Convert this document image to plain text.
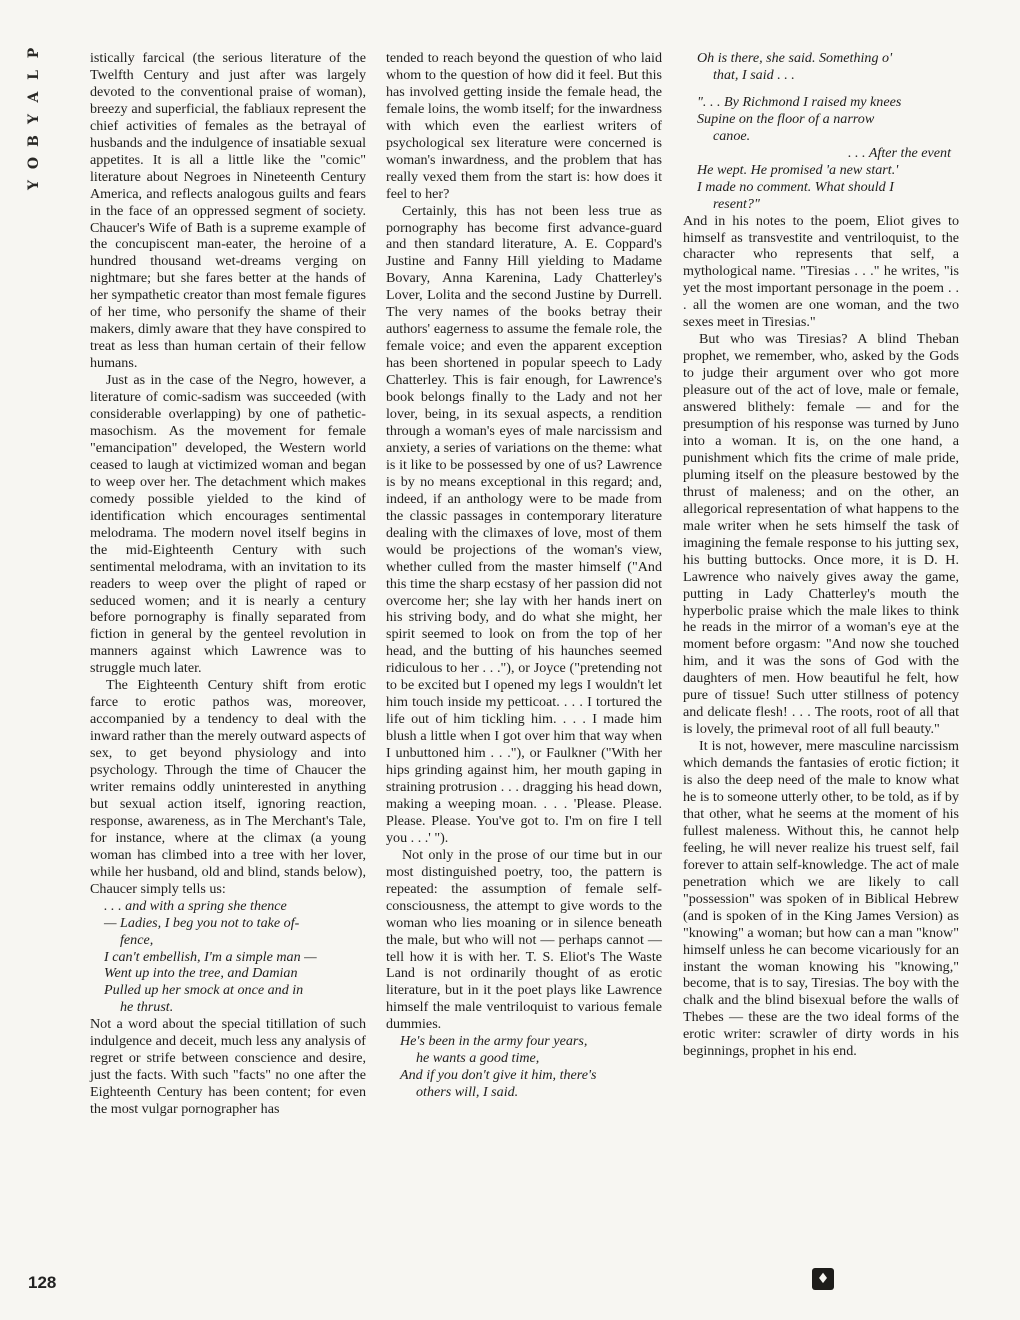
P
L
A
Y
B
O
Y

istically farcical (the serious literature of the Twelfth Century and just after was largely devoted to the conventional praise of woman), breezy and superficial, the fabliaux represent the chief activities of females as the betrayal of husbands and the indulgence of insatiable sexual appetites. It is all a little like the "comic" literature about Negroes in Nineteenth Century America, and reflects analogous guilts and fears in the face of an oppressed segment of society. Chaucer's Wife of Bath is a supreme example of the concupiscent man-eater, the heroine of a hundred thousand wet-dreams verging on nightmare; but she fares better at the hands of her sympathetic creator than most female figures of her time, who personify the shame of their makers, dimly aware that they have conspired to treat as less than human certain of their fellow humans.

Just as in the case of the Negro, however, a literature of comic-sadism was succeeded (with considerable overlapping) by one of pathetic-masochism. As the movement for female "emancipation" developed, the Western world ceased to laugh at victimized woman and began to weep over her. The detachment which makes comedy possible yielded to the kind of identification which encourages sentimental melodrama. The modern novel itself begins in the mid-Eighteenth Century with such sentimental melodrama, with an invitation to its readers to weep over the plight of raped or seduced women; and it is nearly a century before pornography is finally separated from fiction in general by the genteel revolution in manners against which Lawrence was to struggle much later.

The Eighteenth Century shift from erotic farce to erotic pathos was, moreover, accompanied by a tendency to deal with the inward rather than the merely outward aspects of sex, to get beyond physiology and into psychology. Through the time of Chaucer the writer remains oddly uninterested in anything but sexual action itself, ignoring reaction, response, awareness, as in The Merchant's Tale, for instance, where at the climax (a young woman has climbed into a tree with her lover, while her husband, old and blind, stands below), Chaucer simply tells us:

. . . and with a spring she thence
— Ladies, I beg you not to take of-
fence,
I can't embellish, I'm a simple man —
Went up into the tree, and Damian
Pulled up her smock at once and in
he thrust.

Not a word about the special titillation of such indulgence and deceit, much less any analysis of regret or strife between conscience and desire, just the facts. With such "facts" no one after the Eighteenth Century has been content; for even the most vulgar pornographer has

tended to reach beyond the question of who laid whom to the question of how did it feel. But this has involved getting inside the female head, the female loins, the womb itself; for the inwardness with which even the earliest writers of psychological sex literature were concerned is woman's inwardness, and the problem that has really vexed them from the start is: how does it feel to her?

Certainly, this has not been less true as pornography has become first advance-guard and then standard literature, A. E. Coppard's Justine and Fanny Hill yielding to Madame Bovary, Anna Karenina, Lady Chatterley's Lover, Lolita and the second Justine by Durrell. The very names of the books betray their authors' eagerness to assume the female role, the female voice; and even the apparent exception has been shortened in popular speech to Lady Chatterley. This is fair enough, for Lawrence's book belongs finally to the Lady and not her lover, being, in its sexual aspects, a rendition through a woman's eyes of male narcissism and anxiety, a series of variations on the theme: what is it like to be possessed by one of us? Lawrence is by no means exceptional in this regard; and, indeed, if an anthology were to be made from the classic passages in contemporary literature dealing with the climaxes of love, most of them would be projections of the woman's view, whether culled from the master himself ("And this time the sharp ecstasy of her passion did not overcome her; she lay with her hands inert on his striving body, and do what she might, her spirit seemed to look on from the top of her head, and the butting of his haunches seemed ridiculous to her . . ."), or Joyce ("pretending not to be excited but I opened my legs I wouldn't let him touch inside my petticoat. . . . I tortured the life out of him tickling him. . . . I made him blush a little when I got over him that way when I unbuttoned him . . ."), or Faulkner ("With her hips grinding against him, her mouth gaping in straining protrusion . . . dragging his head down, making a weeping moan. . . . 'Please. Please. Please. Please. You've got to. I'm on fire I tell you . . .' ").

Not only in the prose of our time but in our most distinguished poetry, too, the pattern is repeated: the assumption of female self-consciousness, the attempt to give words to the woman who lies moaning or in silence beneath the male, but who will not — perhaps cannot — tell how it is with her. T. S. Eliot's The Waste Land is not ordinarily thought of as erotic literature, but in it the poet plays like Lawrence himself the male ventriloquist to various female dummies.

He's been in the army four years,
he wants a good time,
And if you don't give it him, there's
others will, I said.
Oh is there, she said. Something o'
that, I said . . .
". . . By Richmond I raised my knees
Supine on the floor of a narrow
canoe.
. . . After the event
He wept. He promised 'a new start.'
I made no comment. What should I
resent?"

And in his notes to the poem, Eliot gives to himself as transvestite and ventriloquist, to the character who represents that self, a mythological name. "Tiresias . . ." he writes, "is yet the most important personage in the poem . . . all the women are one woman, and the two sexes meet in Tiresias."

But who was Tiresias? A blind Theban prophet, we remember, who, asked by the Gods to judge their argument over who got more pleasure out of the act of love, male or female, answered blithely: female — and for the presumption of his response was turned by Juno into a woman. It is, on the one hand, a punishment which fits the crime of male pride, pluming itself on the pleasure bestowed by the thrust of maleness; and on the other, an allegorical representation of what happens to the male writer when he sets himself the task of imagining the female response to his jutting sex, his butting buttocks. Once more, it is D. H. Lawrence who naively gives away the game, putting in Lady Chatterley's mouth the hyperbolic praise which the male likes to think he reads in the mirror of a woman's eye at the moment before orgasm: "And now she touched him, and it was the sons of God with the daughters of men. How beautiful he felt, how pure of tissue! Such utter stillness of potency and delicate flesh! . . . The roots, root of all that is lovely, the primeval root of all full beauty."

It is not, however, mere masculine narcissism which demands the fantasies of erotic fiction; it is also the deep need of the male to know what he is to someone utterly other, to be told, as if by that other, what he seems at the moment of his fullest maleness. Without this, he cannot help feeling, he will never realize his truest self, fail forever to attain self-knowledge. The act of male penetration which we are likely to call "possession" was spoken of in Biblical Hebrew (and is spoken of in the King James Version) as "knowing" a woman; but how can a man "know" himself unless he can become vicariously for an instant the woman knowing his "knowing," become, that is to say, Tiresias. The boy with the chalk and the blind bisexual before the walls of Thebes — these are the two ideal forms of the erotic writer: scrawler of dirty words in his beginnings, prophet in his end.

128	♦
